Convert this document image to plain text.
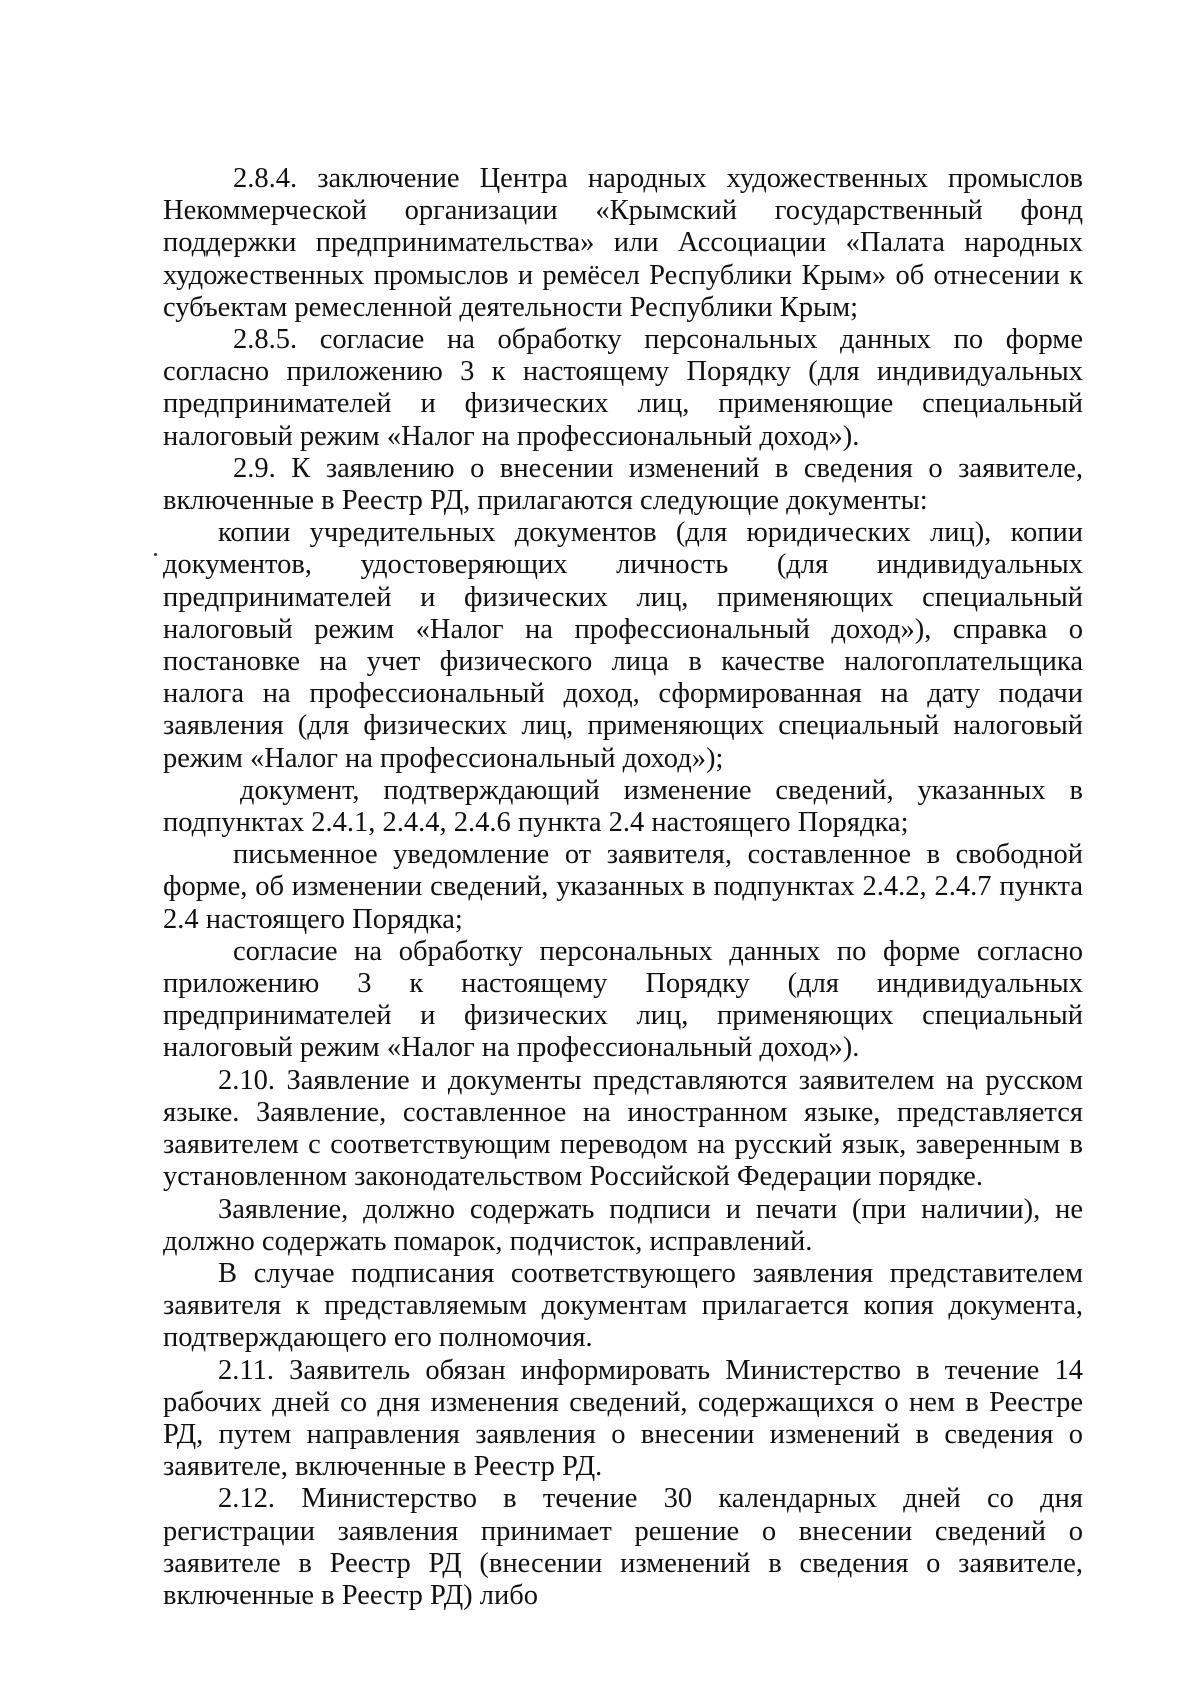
2.8.4. заключение Центра народных художественных промыслов Некоммерческой организации «Крымский государственный фонд поддержки предпринимательства» или Ассоциации «Палата народных художественных промыслов и ремёсел Республики Крым» об отнесении к субъектам ремесленной деятельности Республики Крым;

2.8.5. согласие на обработку персональных данных по форме согласно приложению 3 к настоящему Порядку (для индивидуальных предпринимателей и физических лиц, применяющие специальный налоговый режим «Налог на профессиональный доход»).

2.9. К заявлению о внесении изменений в сведения о заявителе, включенные в Реестр РД, прилагаются следующие документы:

копии учредительных документов (для юридических лиц), копии документов, удостоверяющих личность (для индивидуальных предпринимателей и физических лиц, применяющих специальный налоговый режим «Налог на профессиональный доход»), справка о постановке на учет физического лица в качестве налогоплательщика налога на профессиональный доход, сформированная на дату подачи заявления (для физических лиц, применяющих специальный налоговый режим «Налог на профессиональный доход»);

документ, подтверждающий изменение сведений, указанных в подпунктах 2.4.1, 2.4.4, 2.4.6 пункта 2.4 настоящего Порядка;

письменное уведомление от заявителя, составленное в свободной форме, об изменении сведений, указанных в подпунктах 2.4.2, 2.4.7 пункта 2.4 настоящего Порядка;

согласие на обработку персональных данных по форме согласно приложению 3 к настоящему Порядку (для индивидуальных предпринимателей и физических лиц, применяющих специальный налоговый режим «Налог на профессиональный доход»).

2.10. Заявление и документы представляются заявителем на русском языке. Заявление, составленное на иностранном языке, представляется заявителем с соответствующим переводом на русский язык, заверенным в установленном законодательством Российской Федерации порядке.

Заявление, должно содержать подписи и печати (при наличии), не должно содержать помарок, подчисток, исправлений.

В случае подписания соответствующего заявления представителем заявителя к представляемым документам прилагается копия документа, подтверждающего его полномочия.

2.11. Заявитель обязан информировать Министерство в течение 14 рабочих дней со дня изменения сведений, содержащихся о нем в Реестре РД, путем направления заявления о внесении изменений в сведения о заявителе, включенные в Реестр РД.

2.12. Министерство в течение 30 календарных дней со дня регистрации заявления принимает решение о внесении сведений о заявителе в Реестр РД (внесении изменений в сведения о заявителе, включенные в Реестр РД) либо
